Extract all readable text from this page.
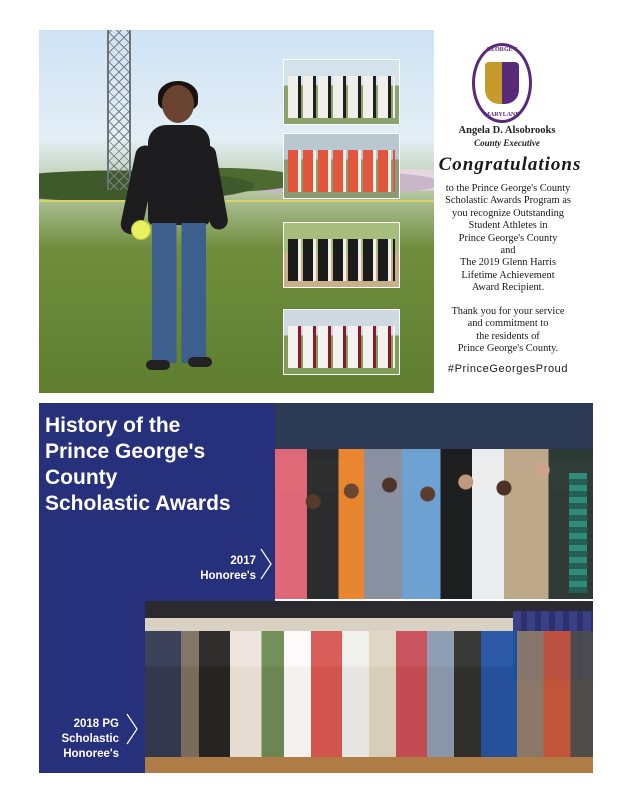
GEORGE'S
MARYLAND
Angela D. Alsobrooks
County Executive
Congratulations
to the Prince George's County
Scholastic Awards Program as
you recognize Outstanding
Student Athletes in
Prince George's County
and
The 2019 Glenn Harris
Lifetime Achievement
Award Recipient.
Thank you for your service
and commitment to
the residents of
Prince George's County.
#PrinceGeorgesProud
History of the
Prince George's
County
Scholastic Awards
2017
Honoree's
2018 PG
Scholastic
Honoree's
